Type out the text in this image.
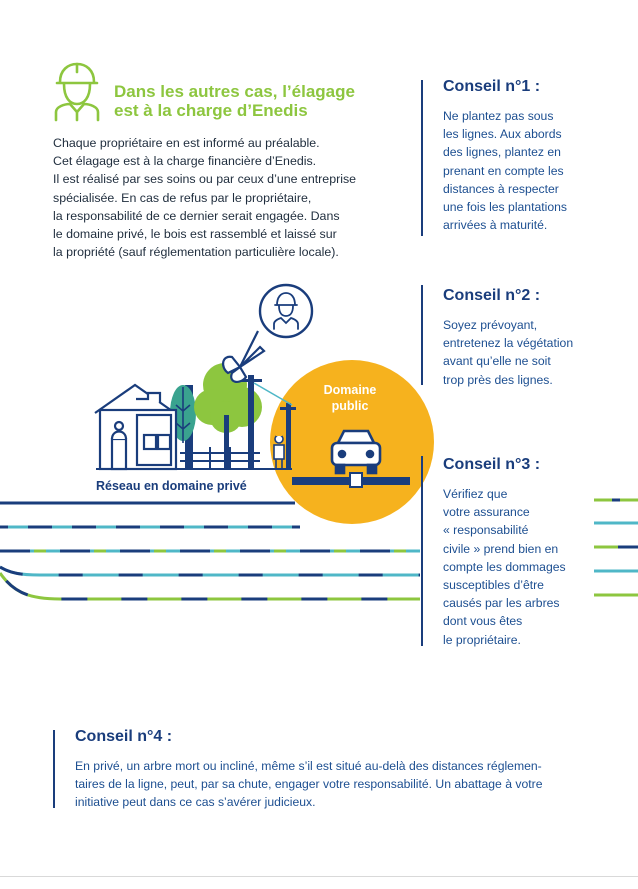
Dans les autres cas, l’élagage
est à la charge d’Enedis
Chaque propriétaire en est informé au préalable.
Cet élagage est à la charge financière d’Enedis.
Il est réalisé par ses soins ou par ceux d’une entreprise
spécialisée. En cas de refus par le propriétaire,
la responsabilité de ce dernier serait engagée. Dans
le domaine privé, le bois est rassemblé et laissé sur
la propriété (sauf réglementation particulière locale).
Réseau en domaine privé
Domaine
public
Conseil n°1 :
Ne plantez pas sous
les lignes. Aux abords
des lignes, plantez en
prenant en compte les
distances à respecter
une fois les plantations
arrivées à maturité.
Conseil n°2 :
Soyez prévoyant,
entretenez la végétation
avant qu’elle ne soit
trop près des lignes.
Conseil n°3 :
Vérifiez que
votre assurance
« responsabilité
civile » prend bien en
compte les dommages
susceptibles d’être
causés par les arbres
dont vous êtes
le propriétaire.
Conseil n°4 :
En privé, un arbre mort ou incliné, même s’il est situé au-delà des distances réglemen-
taires de la ligne, peut, par sa chute, engager votre responsabilité. Un abattage à votre
initiative peut dans ce cas s’avérer judicieux.
